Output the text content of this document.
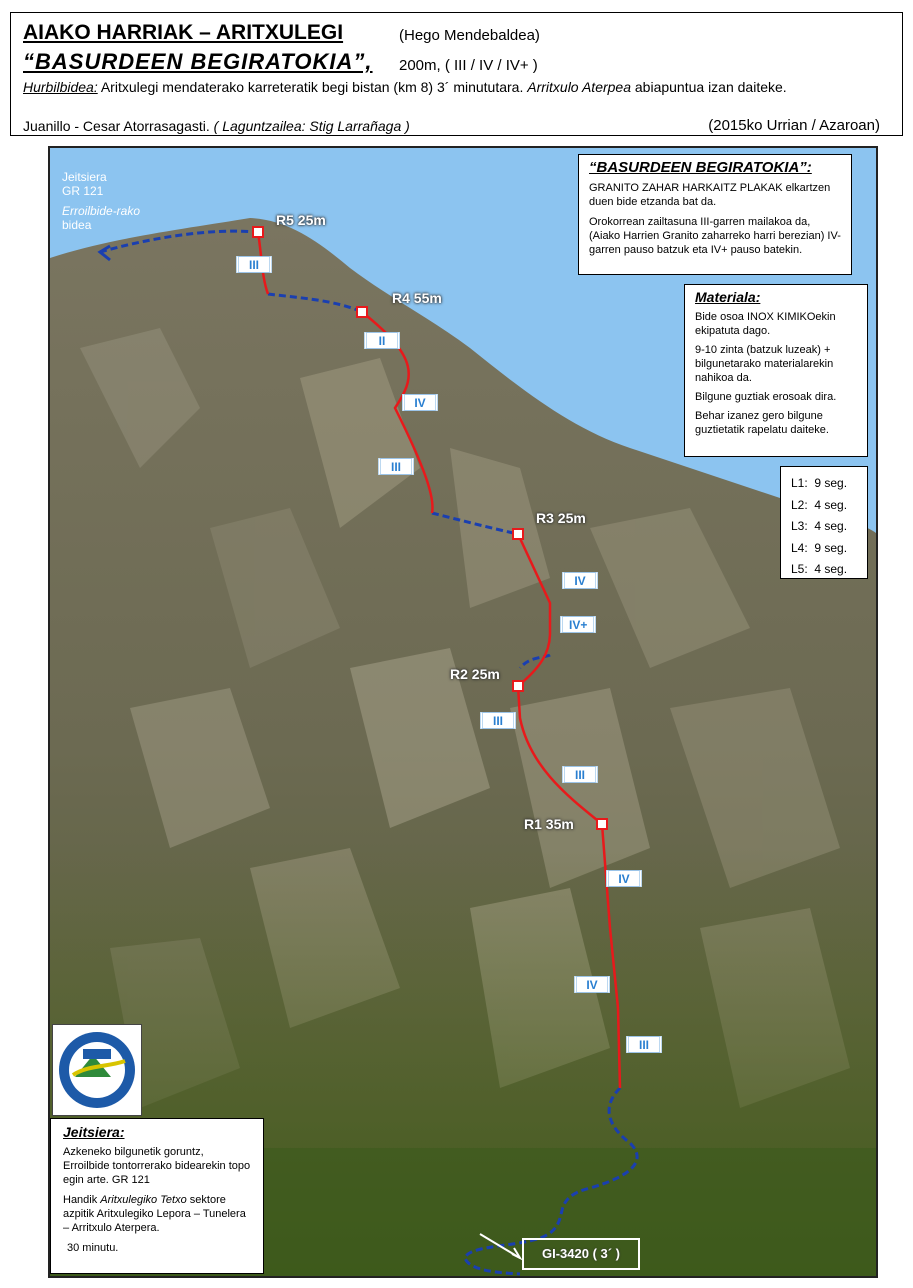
AIAKO HARRIAK – ARITXULEGI	(Hego Mendebaldea)
“BASURDEEN BEGIRATOKIA”, 200m, ( III / IV / IV+ )
Hurbilbidea: Aritxulegi mendaterako karreteratik begi bistan (km 8) 3´ minututara. Arritxulo Aterpea abiapuntua izan daiteke.
Juanillo - Cesar Atorrasagasti. ( Laguntzailea: Stig Larrañaga )	(2015ko Urrian / Azaroan)
R5 25m
R4 55m
R3 25m
R2 25m
R1 35m
III
II
IV
III
IV
IV+
III
III
IV
IV
III
Jeitsiera
GR 121
Erroilbide-rako
bidea
“BASURDEEN BEGIRATOKIA”:

GRANITO ZAHAR HARKAITZ PLAKAK elkartzen duen bide etzanda bat da.

Orokorrean zailtasuna III-garren mailakoa da, (Aiako Harrien Granito zaharreko harri berezian) IV-garren pauso batzuk eta IV+ pauso batekin.

Materiala:

Bide osoa INOX KIMIKOekin ekipatuta dago.

9-10 zinta (batzuk luzeak) + bilgunetarako materialarekin nahikoa da.

Bilgune guztiak erosoak dira.

Behar izanez gero bilgune guztietatik rapelatu daiteke.

L1: 9 seg.
L2: 4 seg.
L3: 4 seg.
L4: 9 seg.
L5: 4 seg.
Jeitsiera:

Azkeneko bilgunetik goruntz, Erroilbide tontorrerako bidearekin topo egin arte. GR 121

Handik Aritxulegiko Tetxo sektore azpitik Aritxulegiko Lepora – Tunelera – Arritxulo Aterpera.

30 minutu.	GI-3420 ( 3´ )
